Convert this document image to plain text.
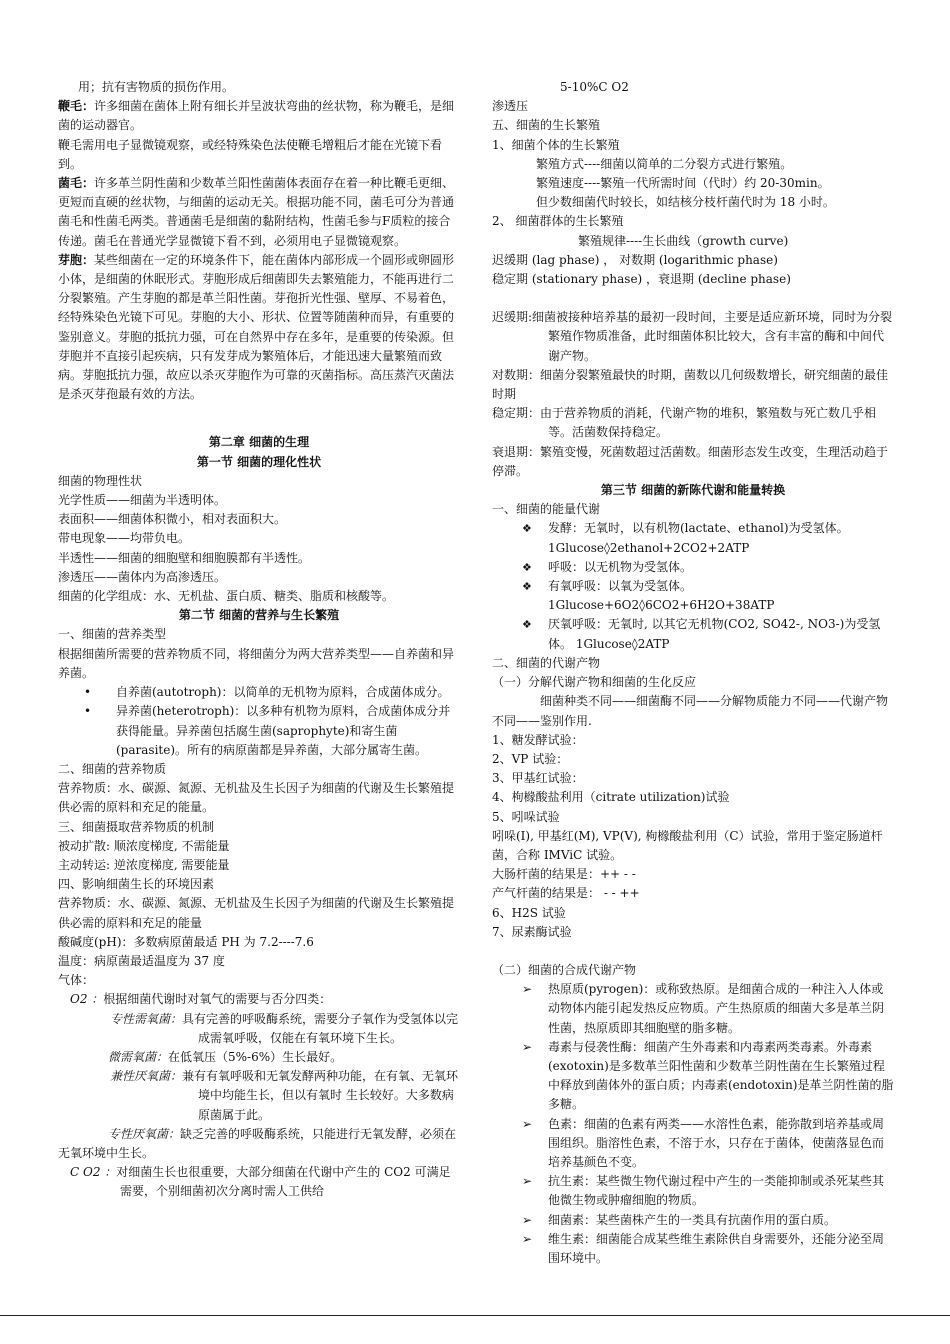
用；抗有害物质的损伤作用。

鞭毛：许多细菌在菌体上附有细长并呈波状弯曲的丝状物，称为鞭毛，是细菌的运动器官。

鞭毛需用电子显微镜观察，或经特殊染色法使鞭毛增粗后才能在光镜下看到。

菌毛：许多革兰阴性菌和少数革兰阳性菌菌体表面存在着一种比鞭毛更细、更短而直硬的丝状物，与细菌的运动无关。根据功能不同，菌毛可分为普通菌毛和性菌毛两类。普通菌毛是细菌的黏附结构，性菌毛参与F质粒的接合传递。菌毛在普通光学显微镜下看不到，必须用电子显微镜观察。

芽胞：某些细菌在一定的环境条件下，能在菌体内部形成一个圆形或卵圆形小体，是细菌的休眠形式。芽胞形成后细菌即失去繁殖能力，不能再进行二分裂繁殖。产生芽胞的都是革兰阳性菌。芽孢折光性强、壁厚、不易着色，经特殊染色光镜下可见。芽胞的大小、形状、位置等随菌种而异，有重要的鉴别意义。芽胞的抵抗力强，可在自然界中存在多年，是重要的传染源。但芽胞并不直接引起疾病，只有发芽成为繁殖体后，才能迅速大量繁殖而致病。芽胞抵抗力强，故应以杀灭芽胞作为可靠的灭菌指标。高压蒸汽灭菌法是杀灭芽孢最有效的方法。

第二章 细菌的生理

第一节 细菌的理化性状

细菌的物理性状

光学性质——细菌为半透明体。

表面积——细菌体积微小，相对表面积大。

带电现象——均带负电。

半透性——细菌的细胞壁和细胞膜都有半透性。

渗透压——菌体内为高渗透压。

细菌的化学组成：水、无机盐、蛋白质、糖类、脂质和核酸等。

第二节 细菌的营养与生长繁殖

一、细菌的营养类型

根据细菌所需要的营养物质不同，将细菌分为两大营养类型——自养菌和异养菌。

•	自养菌(autotroph)：以简单的无机物为原料，合成菌体成分。
•	异养菌(heterotroph)：以多种有机物为原料，合成菌体成分并获得能量。异养菌包括腐生菌(saprophyte)和寄生菌(parasite)。所有的病原菌都是异养菌，大部分属寄生菌。

二、细菌的营养物质

营养物质：水、碳源、氮源、无机盐及生长因子为细菌的代谢及生长繁殖提供必需的原料和充足的能量。

三、细菌摄取营养物质的机制

被动扩散: 顺浓度梯度, 不需能量

主动转运: 逆浓度梯度, 需要能量

四、影响细菌生长的环境因素

营养物质：水、碳源、氮源、无机盐及生长因子为细菌的代谢及生长繁殖提供必需的原料和充足的能量

酸碱度(pH)：多数病原菌最适 PH 为 7.2----7.6

温度：病原菌最适温度为 37 度

气体：

O2 ：根据细菌代谢时对氧气的需要与否分四类：

专性需氧菌：具有完善的呼吸酶系统，需要分子氧作为受氢体以完成需氧呼吸，仅能在有氧环境下生长。

微需氧菌：在低氧压（5%-6%）生长最好。

兼性厌氧菌：兼有有氧呼吸和无氧发酵两种功能，在有氧、无氧环境中均能生长，但以有氧时 生长较好。大多数病原菌属于此。

专性厌氧菌：缺乏完善的呼吸酶系统，只能进行无氧发酵，必须在无氧环境中生长。

C O2 ：对细菌生长也很重要，大部分细菌在代谢中产生的 CO2 可满足需要，个别细菌初次分离时需人工供给

5-10%C O2

渗透压

五、细菌的生长繁殖

1、细菌个体的生长繁殖

繁殖方式----细菌以简单的二分裂方式进行繁殖。

繁殖速度----繁殖一代所需时间（代时）约 20-30min。

但少数细菌代时较长，如结核分枝杆菌代时为 18 小时。

2、 细菌群体的生长繁殖

繁殖规律----生长曲线（growth curve)

迟缓期 (lag phase) ， 对数期 (logarithmic phase)

稳定期 (stationary phase) ，衰退期 (decline phase)

迟缓期:细菌被接种培养基的最初一段时间，主要是适应新环境，同时为分裂繁殖作物质准备，此时细菌体积比较大，含有丰富的酶和中间代谢产物。

对数期：细菌分裂繁殖最快的时期，菌数以几何级数增长，研究细菌的最佳时期

稳定期：由于营养物质的消耗，代谢产物的堆积，繁殖数与死亡数几乎相等。活菌数保持稳定。

衰退期：繁殖变慢，死菌数超过活菌数。细菌形态发生改变，生理活动趋于停滞。

第三节 细菌的新陈代谢和能量转换

一、细菌的能量代谢

❖	发酵：无氧时，以有机物(lactate、ethanol)为受氢体。
1Glucose◊2ethanol+2CO2+2ATP
❖	呼吸：以无机物为受氢体。
❖	有氧呼吸：以氧为受氢体。1Glucose+6O2◊6CO2+6H2O+38ATP
❖	厌氧呼吸：无氧时, 以其它无机物(CO2, SO42-, NO3-)为受氢体。 1Glucose◊2ATP

二、细菌的代谢产物

（一）分解代谢产物和细菌的生化反应

细菌种类不同——细菌酶不同——分解物质能力不同——代谢产物不同——鉴别作用.

1、糖发酵试验：

2、VP 试验：

3、甲基红试验：

4、枸橼酸盐利用（citrate utilization)试验

5、吲哚试验

吲哚(I), 甲基红(M), VP(V), 枸橼酸盐利用（C）试验，常用于鉴定肠道杆菌，合称 IMViC 试验。

大肠杆菌的结果是：++ - -

产气杆菌的结果是： - - ++

6、H2S 试验

7、尿素酶试验

（二）细菌的合成代谢产物

➢	热原质(pyrogen)：或称致热原。是细菌合成的一种注入人体或动物体内能引起发热反应物质。产生热原质的细菌大多是革兰阴性菌，热原质即其细胞壁的脂多糖。
➢	毒素与侵袭性酶：细菌产生外毒素和内毒素两类毒素。外毒素(exotoxin)是多数革兰阳性菌和少数革兰阴性菌在生长繁殖过程中释放到菌体外的蛋白质；内毒素(endotoxin)是革兰阴性菌的脂多糖。
➢	色素：细菌的色素有两类——水溶性色素，能弥散到培养基或周围组织。脂溶性色素，不溶于水，只存在于菌体，使菌落显色而培养基颜色不变。
➢	抗生素：某些微生物代谢过程中产生的一类能抑制或杀死某些其他微生物或肿瘤细胞的物质。
➢	细菌素：某些菌株产生的一类具有抗菌作用的蛋白质。
➢	维生素：细菌能合成某些维生素除供自身需要外，还能分泌至周围环境中。
